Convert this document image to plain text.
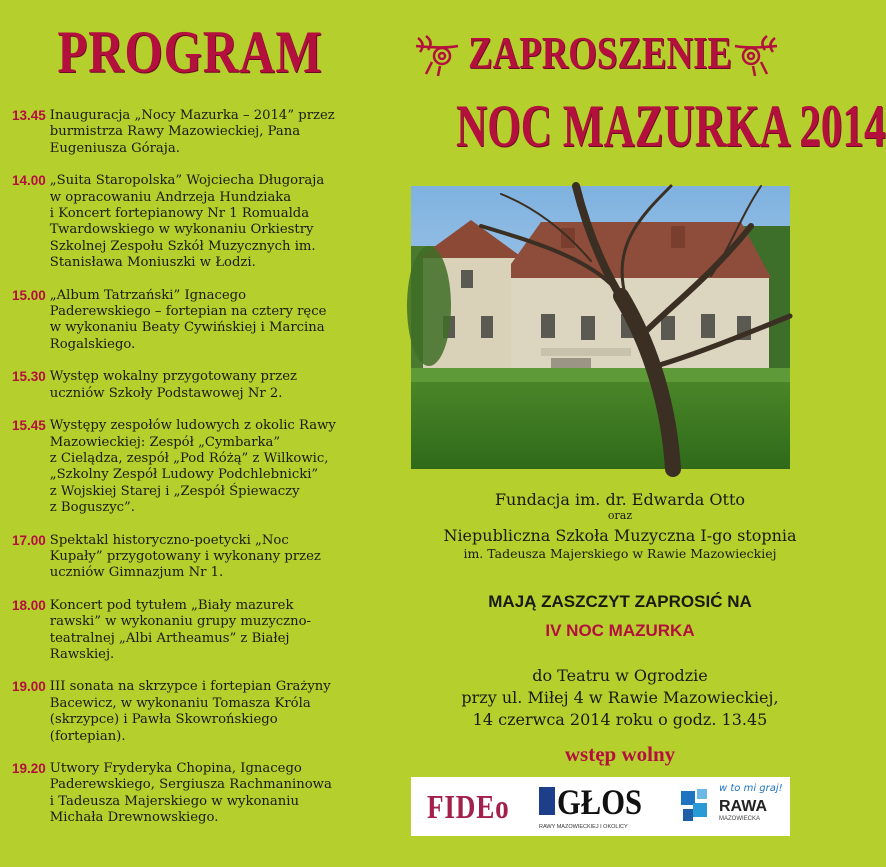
PROGRAM
13.45 Inauguracja „Nocy Mazurka – 2014” przez
burmistrza Rawy Mazowieckiej, Pana
Eugeniusza Góraja.
14.00 „Suita Staropolska” Wojciecha Długoraja
w opracowaniu Andrzeja Hundziaka
i Koncert fortepianowy Nr 1 Romualda
Twardowskiego w wykonaniu Orkiestry
Szkolnej Zespołu Szkół Muzycznych im.
Stanisława Moniuszki w Łodzi.
15.00 „Album Tatrzański” Ignacego
Paderewskiego – fortepian na cztery ręce
w wykonaniu Beaty Cywińskiej i Marcina
Rogalskiego.
15.30 Występ wokalny przygotowany przez
uczniów Szkoły Podstawowej Nr 2.
15.45 Występy zespołów ludowych z okolic Rawy
Mazowieckiej: Zespół „Cymbarka”
z Cielądza, zespół „Pod Różą” z Wilkowic,
„Szkolny Zespół Ludowy Podchlebnicki”
z Wojskiej Starej i „Zespół Śpiewaczy
z Boguszyc”.
17.00 Spektakl historyczno-poetycki „Noc
Kupały” przygotowany i wykonany przez
uczniów Gimnazjum Nr 1.
18.00 Koncert pod tytułem „Biały mazurek
rawski” w wykonaniu grupy muzyczno-
teatralnej „Albi Artheamus” z Białej
Rawskiej.
19.00 III sonata na skrzypce i fortepian Grażyny
Bacewicz, w wykonaniu Tomasza Króla
(skrzypce) i Pawła Skowrońskiego
(fortepian).
19.20 Utwory Fryderyka Chopina, Ignacego
Paderewskiego, Sergiusza Rachmaninowa
i Tadeusza Majerskiego w wykonaniu
Michała Drewnowskiego.
ZAPROSZENIE
NOC MAZURKA 2014
Fundacja im. dr. Edwarda Otto
oraz
Niepubliczna Szkoła Muzyczna I-go stopnia
im. Tadeusza Majerskiego w Rawie Mazowieckiej
MAJĄ ZASZCZYT ZAPROSIĆ NA
IV NOC MAZURKA
do Teatru w Ogrodzie
przy ul. Miłej 4 w Rawie Mazowieckiej,
14 czerwca 2014 roku o godz. 13.45
wstęp wolny
FIDEo GŁOS
RAWY MAZOWIECKIEJ I OKOLICY
w to mi graj!
RAWA
MAZOWIECKA
